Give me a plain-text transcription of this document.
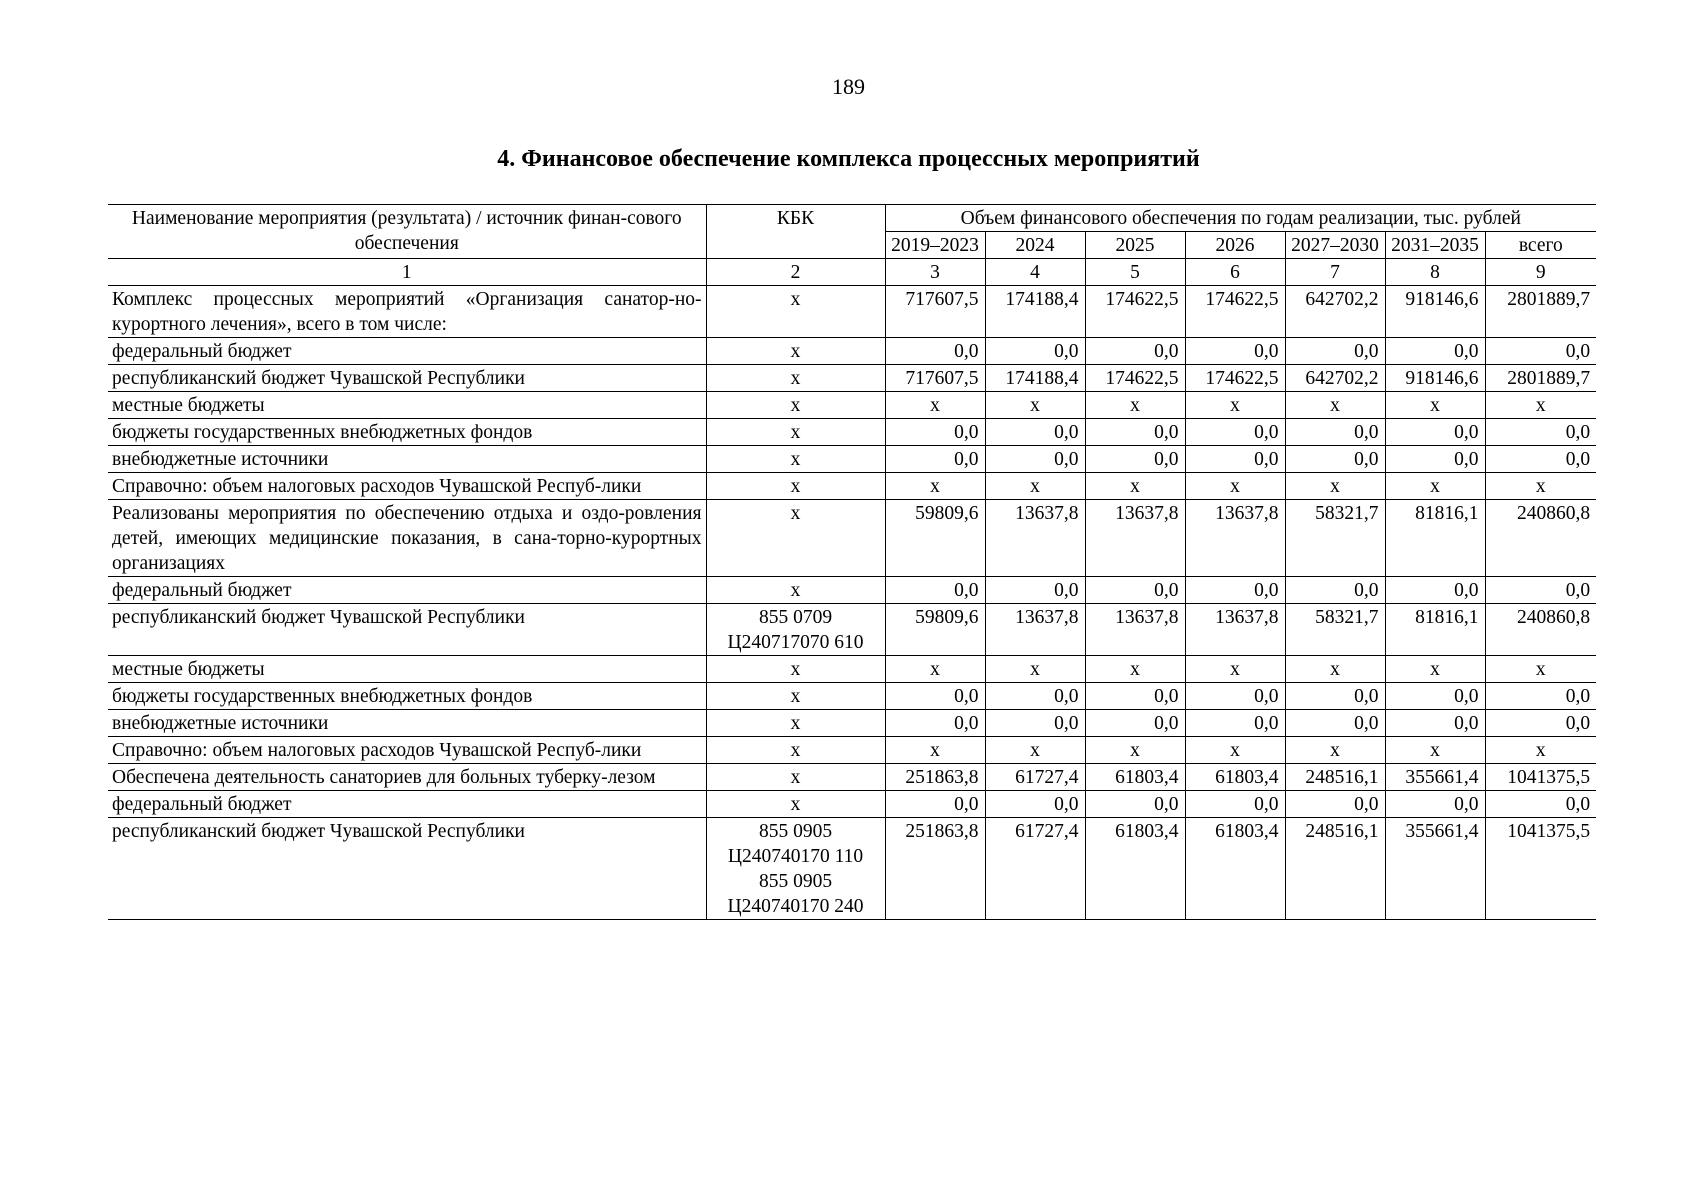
189
4. Финансовое обеспечение комплекса процессных мероприятий
Наименование мероприятия (результата) / источник финан-сового обеспечения	КБК	Объем финансового обеспечения по годам реализации, тыс. рублей						
		2019–2023	2024	2025	2026	2027–2030	2031–2035	всего
1	2	3	4	5	6	7	8	9
Комплекс процессных мероприятий «Организация санатор-но-курортного лечения», всего в том числе:	х	717607,5	174188,4	174622,5	174622,5	642702,2	918146,6	2801889,7
федеральный бюджет	х	0,0	0,0	0,0	0,0	0,0	0,0	0,0
республиканский бюджет Чувашской Республики	х	717607,5	174188,4	174622,5	174622,5	642702,2	918146,6	2801889,7
местные бюджеты	х	х	х	х	х	х	х	х
бюджеты государственных внебюджетных фондов	х	0,0	0,0	0,0	0,0	0,0	0,0	0,0
внебюджетные источники	х	0,0	0,0	0,0	0,0	0,0	0,0	0,0
Справочно: объем налоговых расходов Чувашской Респуб-лики	х	х	х	х	х	х	х	х
Реализованы мероприятия по обеспечению отдыха и оздо-ровления детей, имеющих медицинские показания, в сана-торно-курортных организациях	х	59809,6	13637,8	13637,8	13637,8	58321,7	81816,1	240860,8
федеральный бюджет	х	0,0	0,0	0,0	0,0	0,0	0,0	0,0
республиканский бюджет Чувашской Республики	855 0709
Ц240717070 610	59809,6	13637,8	13637,8	13637,8	58321,7	81816,1	240860,8
местные бюджеты	х	х	х	х	х	х	х	х
бюджеты государственных внебюджетных фондов	х	0,0	0,0	0,0	0,0	0,0	0,0	0,0
внебюджетные источники	х	0,0	0,0	0,0	0,0	0,0	0,0	0,0
Справочно: объем налоговых расходов Чувашской Респуб-лики	х	х	х	х	х	х	х	х
Обеспечена деятельность санаториев для больных туберку-лезом	х	251863,8	61727,4	61803,4	61803,4	248516,1	355661,4	1041375,5
федеральный бюджет	х	0,0	0,0	0,0	0,0	0,0	0,0	0,0
республиканский бюджет Чувашской Республики	855 0905
Ц240740170 110
855 0905
Ц240740170 240	251863,8	61727,4	61803,4	61803,4	248516,1	355661,4	1041375,5
